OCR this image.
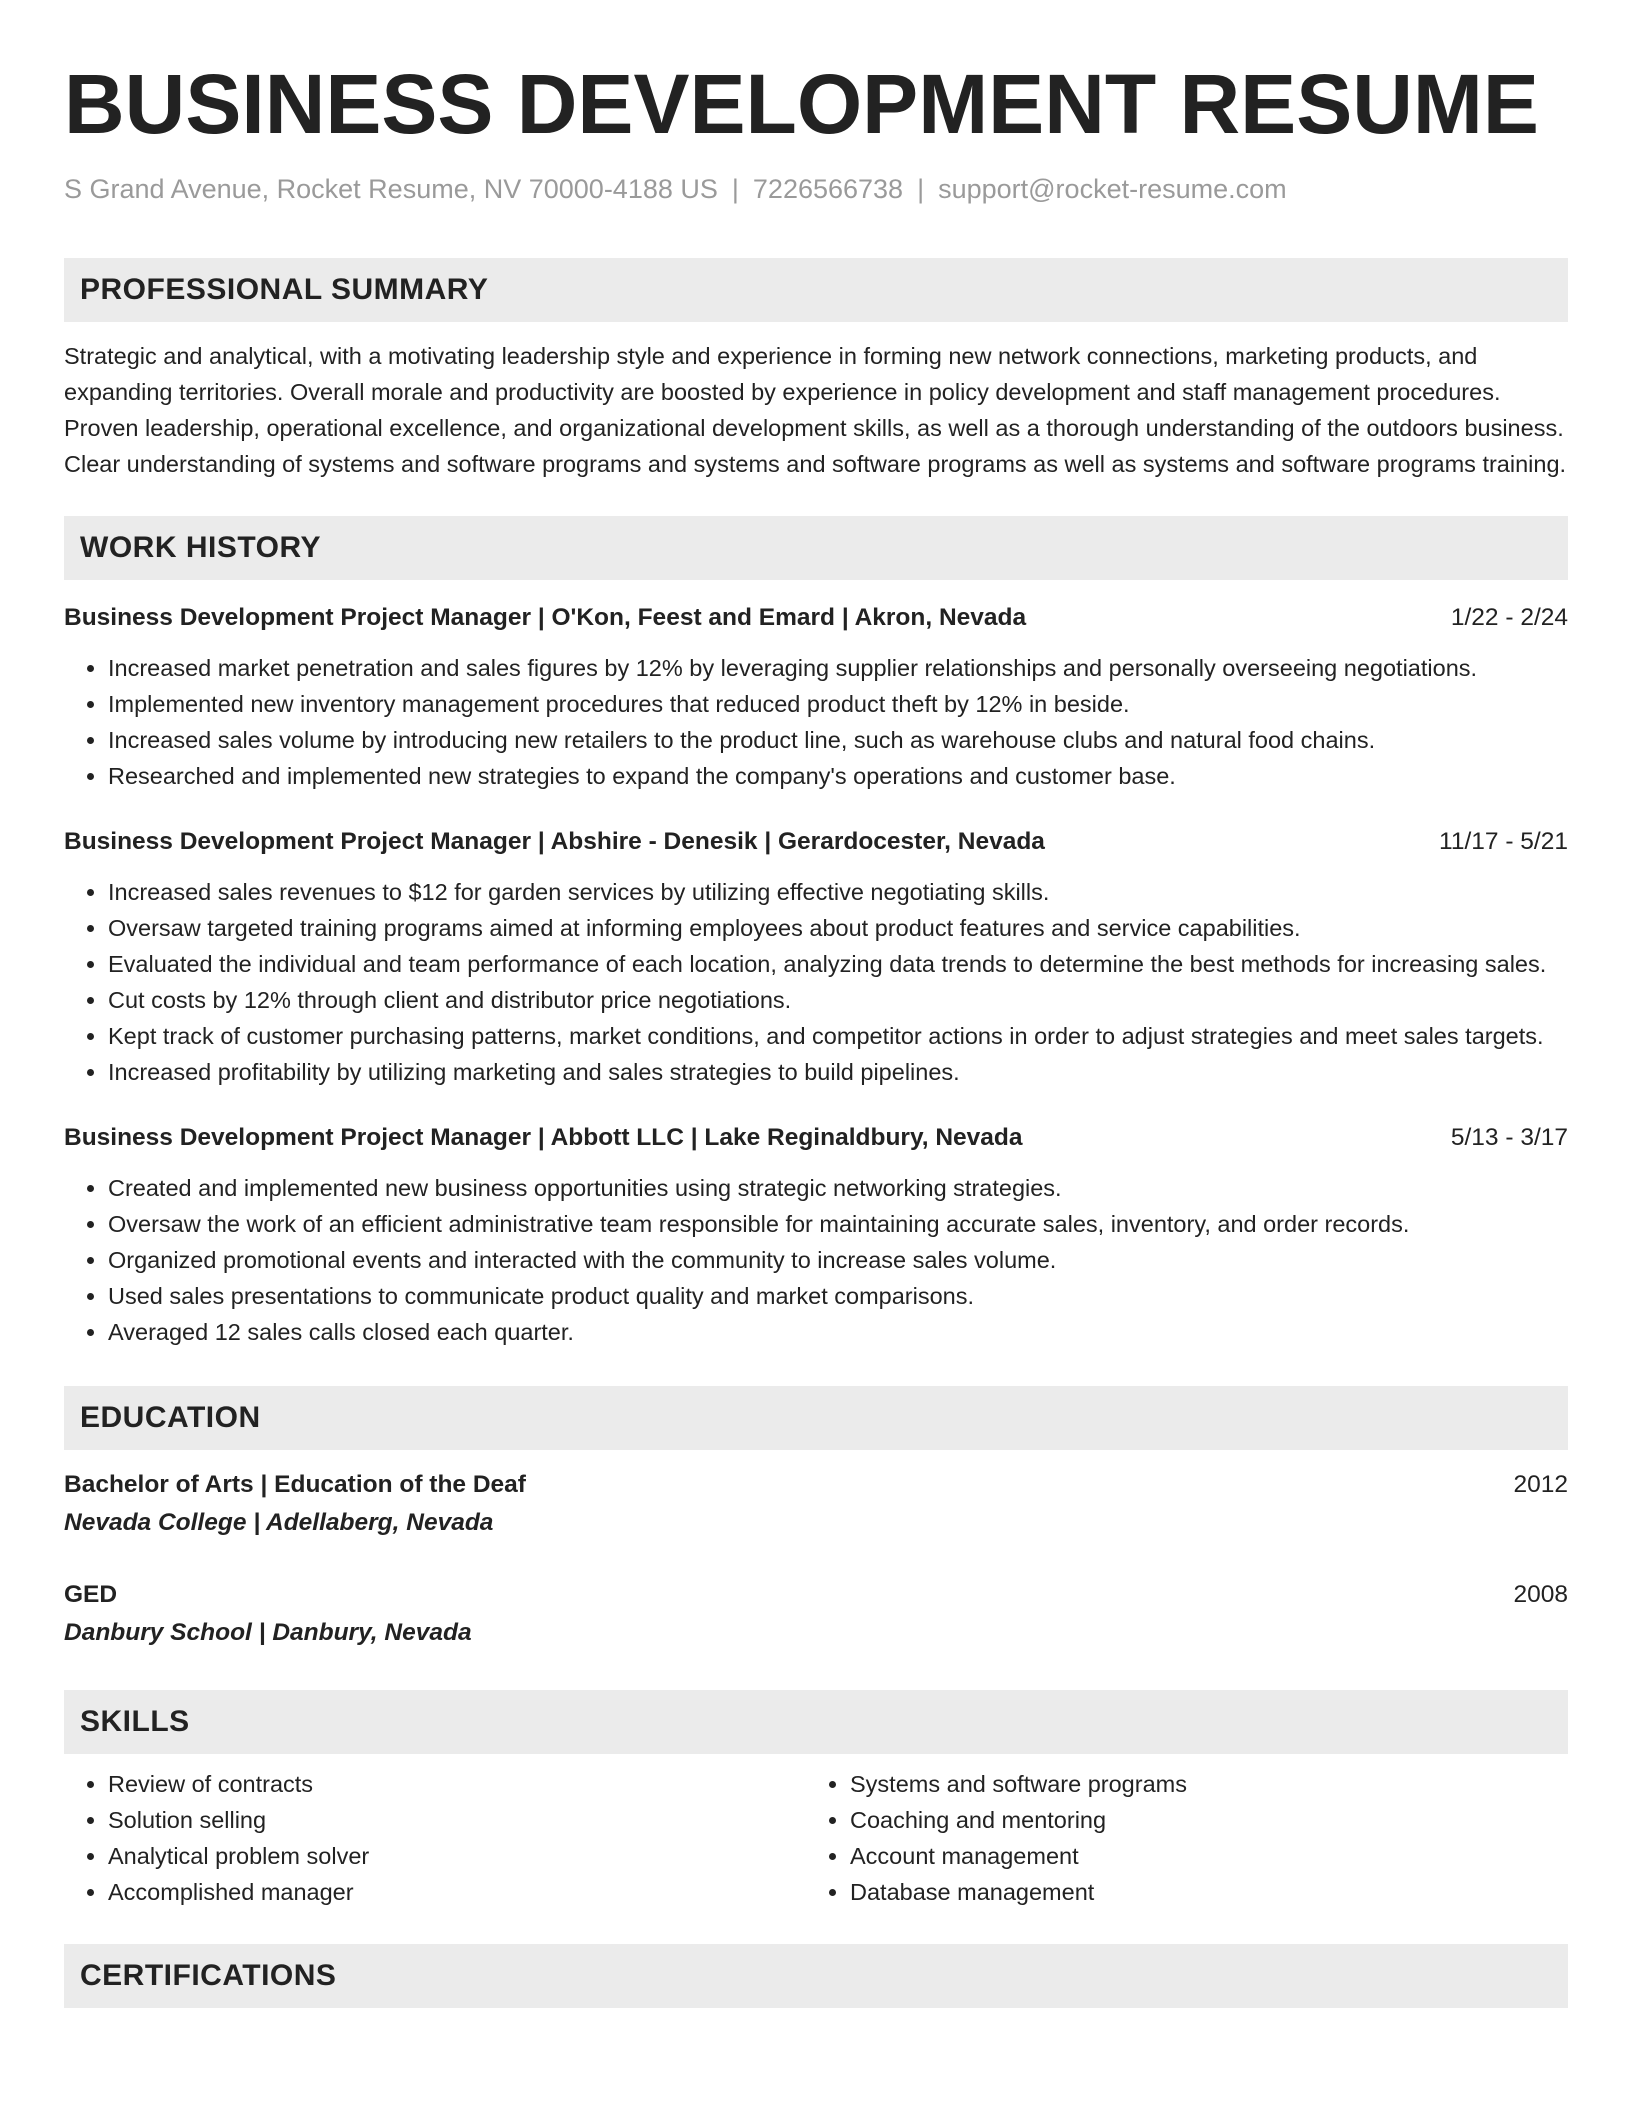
BUSINESS DEVELOPMENT RESUME
S Grand Avenue, Rocket Resume, NV 70000-4188 US | 7226566738 | support@rocket-resume.com
PROFESSIONAL SUMMARY
Strategic and analytical, with a motivating leadership style and experience in forming new network connections, marketing products, and expanding territories. Overall morale and productivity are boosted by experience in policy development and staff management procedures. Proven leadership, operational excellence, and organizational development skills, as well as a thorough understanding of the outdoors business. Clear understanding of systems and software programs and systems and software programs as well as systems and software programs training.
WORK HISTORY
Business Development Project Manager | O'Kon, Feest and Emard | Akron, Nevada	1/22 - 2/24
• Increased market penetration and sales figures by 12% by leveraging supplier relationships and personally overseeing negotiations.
• Implemented new inventory management procedures that reduced product theft by 12% in beside.
• Increased sales volume by introducing new retailers to the product line, such as warehouse clubs and natural food chains.
• Researched and implemented new strategies to expand the company's operations and customer base.
Business Development Project Manager | Abshire - Denesik | Gerardocester, Nevada	11/17 - 5/21
• Increased sales revenues to $12 for garden services by utilizing effective negotiating skills.
• Oversaw targeted training programs aimed at informing employees about product features and service capabilities.
• Evaluated the individual and team performance of each location, analyzing data trends to determine the best methods for increasing sales.
• Cut costs by 12% through client and distributor price negotiations.
• Kept track of customer purchasing patterns, market conditions, and competitor actions in order to adjust strategies and meet sales targets.
• Increased profitability by utilizing marketing and sales strategies to build pipelines.
Business Development Project Manager | Abbott LLC | Lake Reginaldbury, Nevada	5/13 - 3/17
• Created and implemented new business opportunities using strategic networking strategies.
• Oversaw the work of an efficient administrative team responsible for maintaining accurate sales, inventory, and order records.
• Organized promotional events and interacted with the community to increase sales volume.
• Used sales presentations to communicate product quality and market comparisons.
• Averaged 12 sales calls closed each quarter.
EDUCATION
Bachelor of Arts | Education of the Deaf	2012
Nevada College | Adellaberg, Nevada
GED	2008
Danbury School | Danbury, Nevada
SKILLS
• Review of contracts
• Solution selling
• Analytical problem solver
• Accomplished manager
• Systems and software programs
• Coaching and mentoring
• Account management
• Database management
CERTIFICATIONS
